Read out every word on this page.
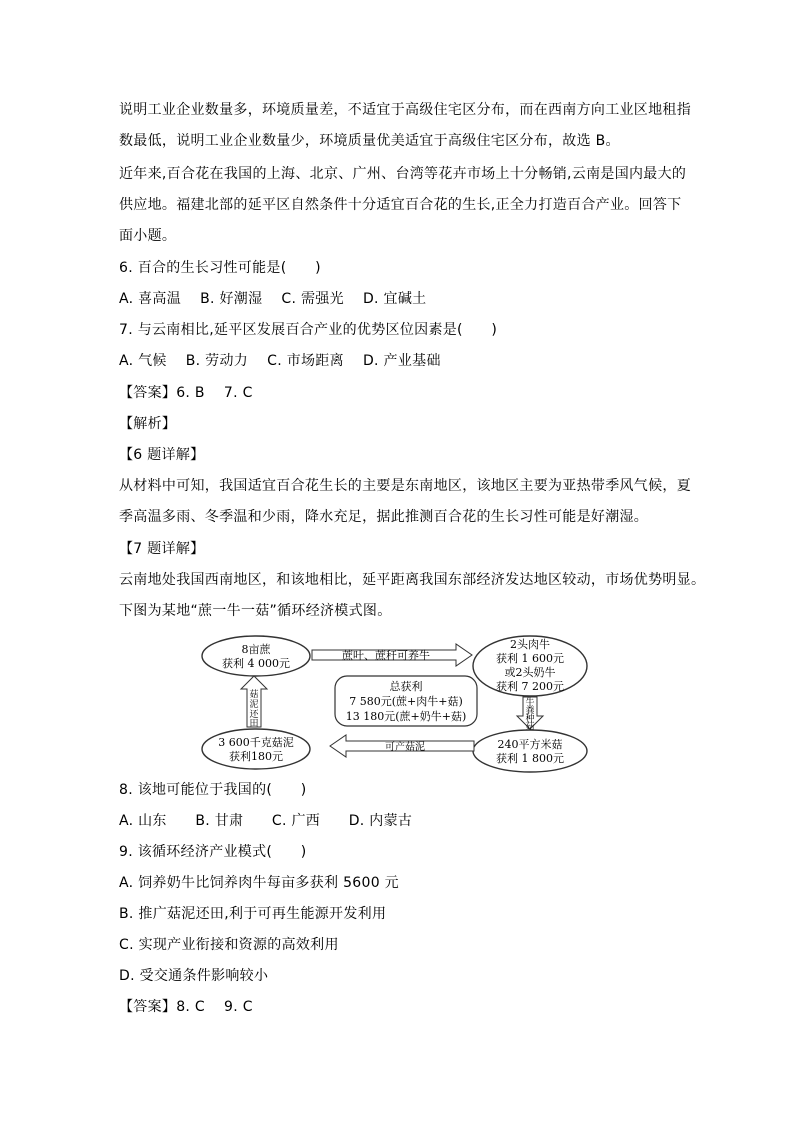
说明工业企业数量多，环境质量差，不适宜于高级住宅区分布，而在西南方向工业区地租指
数最低，说明工业企业数量少，环境质量优美适宜于高级住宅区分布，故选 B。
近年来,百合花在我国的上海、北京、广州、台湾等花卉市场上十分畅销,云南是国内最大的
供应地。福建北部的延平区自然条件十分适宜百合花的生长,正全力打造百合产业。回答下
面小题。
6. 百合的生长习性可能是(　　)
A. 喜高温　 B. 好潮湿　 C. 需强光　 D. 宜碱土
7. 与云南相比,延平区发展百合产业的优势区位因素是(　　)
A. 气候　 B. 劳动力　 C. 市场距离　 D. 产业基础
【答案】6. B　 7. C
【解析】
【6 题详解】
从材料中可知，我国适宜百合花生长的主要是东南地区，该地区主要为亚热带季风气候，夏
季高温多雨、冬季温和少雨，降水充足，据此推测百合花的生长习性可能是好潮湿。
【7 题详解】
云南地处我国西南地区，和该地相比，延平距离我国东部经济发达地区较动，市场优势明显。
下图为某地“蔗一牛一菇”循环经济模式图。
8亩蔗
获利 4 000元
2头肉牛
获利 1 600元
或2头奶牛
获利 7 200元
3 600千克菇泥
获利180元
240平方米菇
获利 1 800元
蔗叶、蔗秆可养牛
可产菇泥
菇
泥
还
田
牛
粪
种
菇
总获利
7 580元(蔗+肉牛+菇)
13 180元(蔗+奶牛+菇)
8. 该地可能位于我国的(　　)
A. 山东　　B. 甘肃　　C. 广西　　D. 内蒙古
9. 该循环经济产业模式(　　)
A. 饲养奶牛比饲养肉牛每亩多获利 5600 元
B. 推广菇泥还田,利于可再生能源开发利用
C. 实现产业衔接和资源的高效利用
D. 受交通条件影响较小
【答案】8. C　 9. C
